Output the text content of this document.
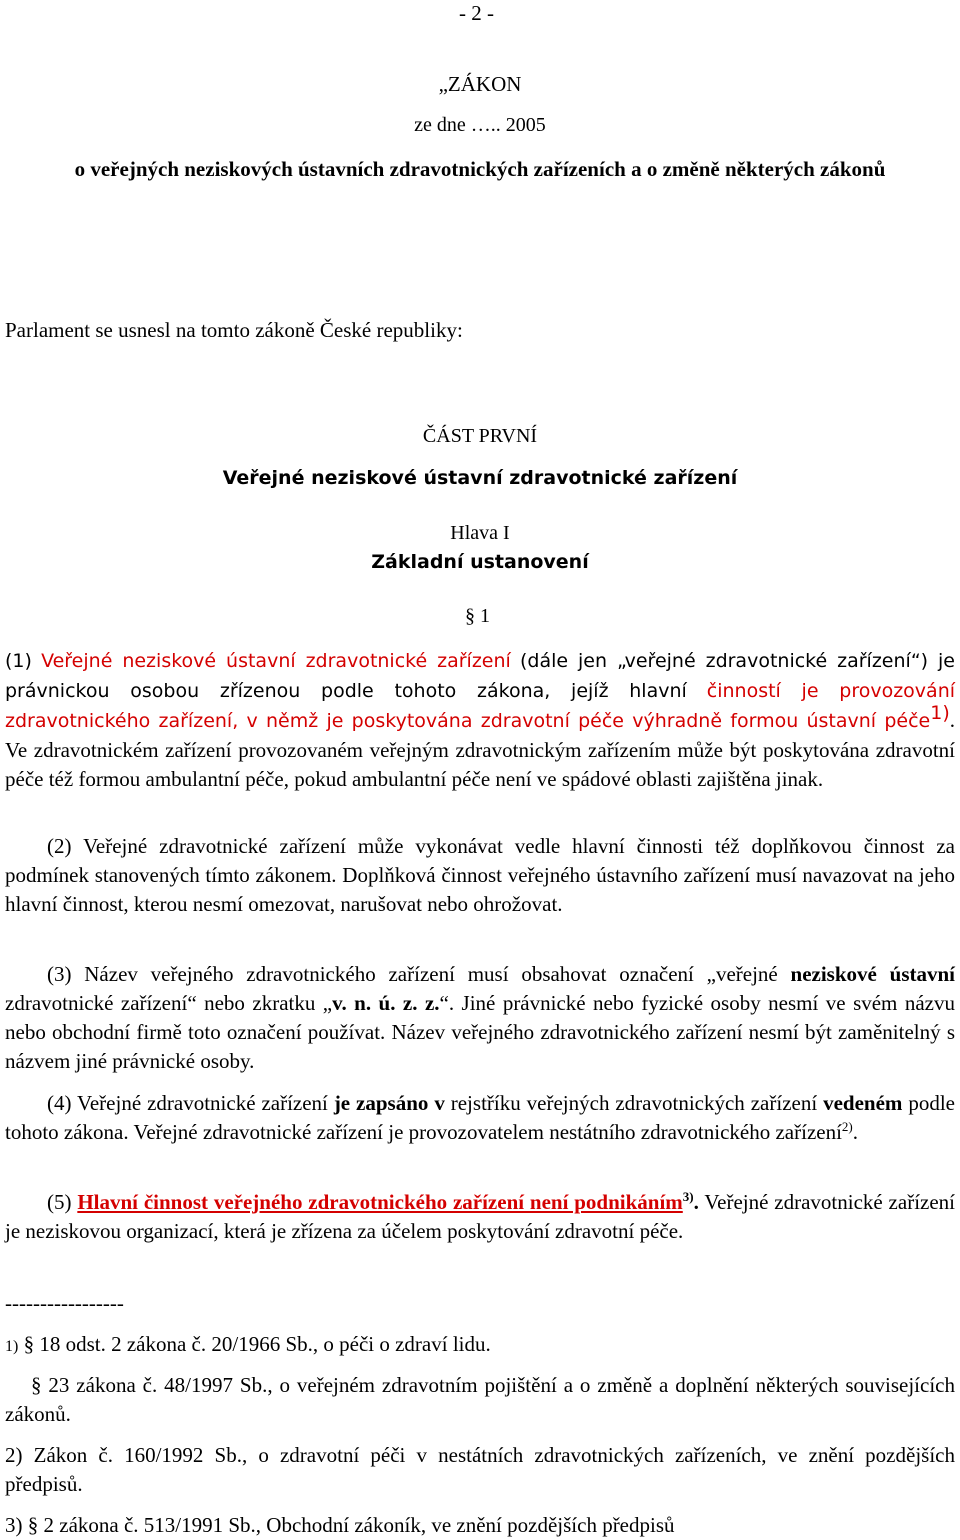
- 2 -
„ZÁKON
ze dne ….. 2005
o veřejných neziskových ústavních zdravotnických zařízeních a o změně některých zákonů
Parlament se usnesl na tomto zákoně České republiky:
ČÁST PRVNÍ
Veřejné neziskové ústavní zdravotnické zařízení
Hlava I
Základní ustanovení
§ 1
(1) Veřejné neziskové ústavní zdravotnické zařízení (dále jen „veřejné zdravotnické zařízení“) je právnickou osobou zřízenou podle tohoto zákona, jejíž hlavní činností je provozování zdravotnického zařízení, v němž je poskytována zdravotní péče výhradně formou ústavní péče$^{1)}$. Ve zdravotnickém zařízení provozovaném veřejným zdravotnickým zařízením může být poskytována zdravotní péče též formou ambulantní péče, pokud ambulantní péče není ve spádové oblasti zajištěna jinak.
(2) Veřejné zdravotnické zařízení může vykonávat vedle hlavní činnosti též doplňkovou činnost za podmínek stanovených tímto zákonem. Doplňková činnost veřejného ústavního zařízení musí navazovat na jeho hlavní činnost, kterou nesmí omezovat, narušovat nebo ohrožovat.
(3) Název veřejného zdravotnického zařízení musí obsahovat označení „veřejné neziskové ústavní zdravotnické zařízení“ nebo zkratku „v. n. ú. z. z.“. Jiné právnické nebo fyzické osoby nesmí ve svém názvu nebo obchodní firmě toto označení používat. Název veřejného zdravotnického zařízení nesmí být zaměnitelný s názvem jiné právnické osoby.
(4) Veřejné zdravotnické zařízení je zapsáno v rejstříku veřejných zdravotnických zařízení vedeném podle tohoto zákona. Veřejné zdravotnické zařízení je provozovatelem nestátního zdravotnického zařízení$^{2)}$.
(5) Hlavní činnost veřejného zdravotnického zařízení není podnikáním$^{3)}$. Veřejné zdravotnické zařízení je neziskovou organizací, která je zřízena za účelem poskytování zdravotní péče.
-----------------
1) § 18 odst. 2 zákona č. 20/1966 Sb., o péči o zdraví lidu.
§ 23 zákona č. 48/1997 Sb., o veřejném zdravotním pojištění a o změně a doplnění některých souvisejících zákonů.
2) Zákon č. 160/1992 Sb., o zdravotní péči v nestátních zdravotnických zařízeních, ve znění pozdějších předpisů.
3) § 2 zákona č. 513/1991 Sb., Obchodní zákoník, ve znění pozdějších předpisů
